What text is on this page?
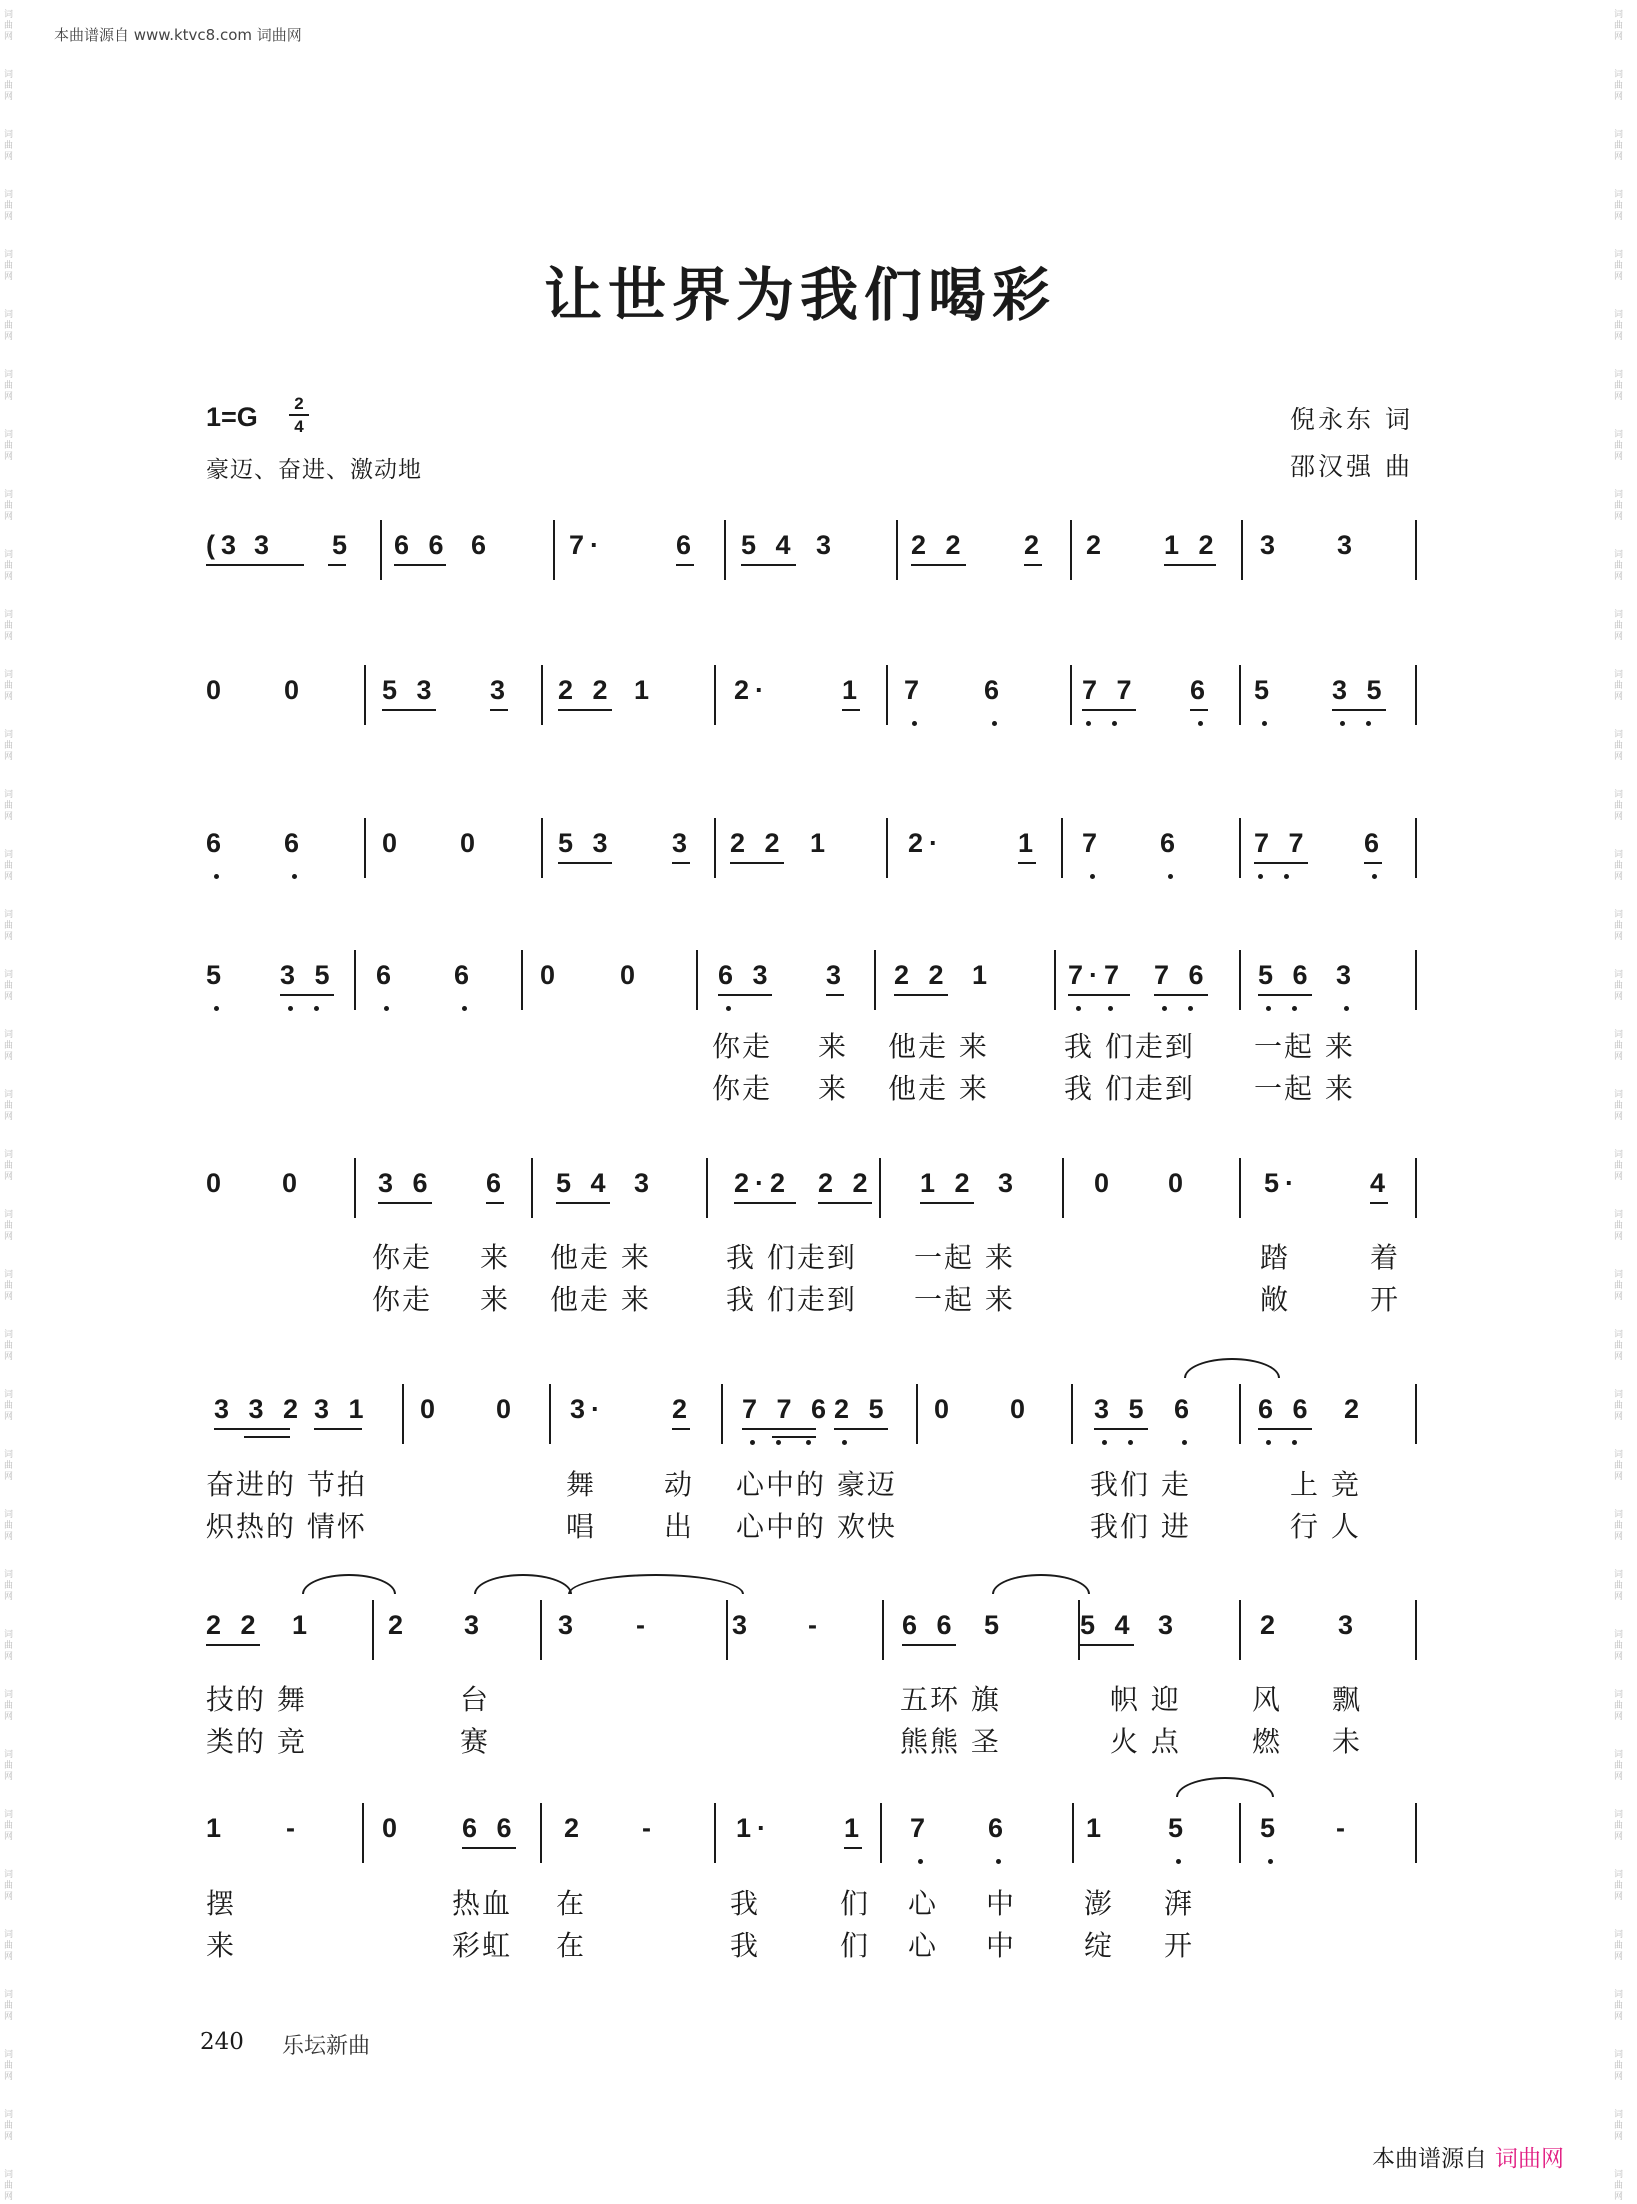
词曲网
词曲网
词曲网
词曲网
词曲网
词曲网
词曲网
词曲网
词曲网
词曲网
词曲网
词曲网
词曲网
词曲网
词曲网
词曲网
词曲网
词曲网
词曲网
词曲网
词曲网
词曲网
词曲网
词曲网
词曲网
词曲网
词曲网
词曲网
词曲网
词曲网
词曲网
词曲网
词曲网
词曲网
词曲网
词曲网
词曲网
词曲网
词曲网
词曲网
词曲网
词曲网
词曲网
词曲网
词曲网
词曲网
词曲网
词曲网
词曲网
词曲网
词曲网
词曲网
词曲网
词曲网
词曲网
词曲网
词曲网
词曲网
词曲网
词曲网
词曲网
词曲网
词曲网
词曲网
词曲网
词曲网
词曲网
词曲网
词曲网
词曲网
词曲网
词曲网
词曲网
词曲网
本曲谱源自 www.ktvc8.com 词曲网
让世界为我们喝彩
1=G	2
4
豪迈、奋进、激动地
倪永东 词
邵汉强 曲
(3 3 5 6 6 6	7·	6 5 4 3	2 2 2 2 1 2 3 3
0 0	5 3 3 2 2 1	2·	1 7 6	7 7 6 5 3 5
6 6	0 0	5 3 3 2 2 1	2·	1 7 6	7 7 6
5 3 5 6 6 0 0	6 3 3 2 2 1	7·7 7 6 5 6 3
0 0	3 6 6 5 4 3	2·2 2 2 1 2 3	0 0	5·	4
3 3 2 3 1 0 0 3· 2 7 7 6 2 5 0 0 3 5 6 6 6 2
2 2 1	2 3	3 -	3 -	6 6 5	5 4 3	2 3
1 -	0 6 6 2 -	1·	1 7 6	1 5	5 -
你走 来 他走 来	我 们走到 一起 来
你走 来 他走 来	我 们走到 一起 来
你走 来 他走 来	我 们走到 一起 来	踏	着
你走 来 他走 来	我 们走到 一起 来	敞	开
奋进的 节拍	舞 动 心中的 豪迈	我们 走	上 竞
炽热的 情怀	唱 出 心中的 欢快	我们 进	行 人
技的 舞	台	五环 旗	帜 迎	风 飘
类的 竞	赛	熊熊 圣	火 点	燃 未
摆	热血 在	我	们 心 中 澎 湃
来	彩虹 在	我	们 心 中 绽 开
240 乐坛新曲
本曲谱源自 词曲网
